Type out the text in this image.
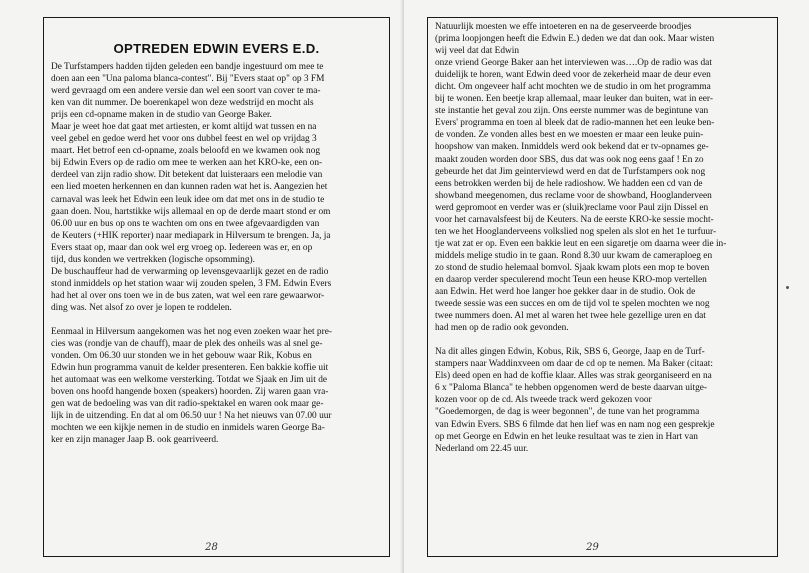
OPTREDEN EDWIN EVERS E.D.

De Turfstampers hadden tijden geleden een bandje ingestuurd om mee te
doen aan een "Una paloma blanca-contest". Bij "Evers staat op" op 3 FM
werd gevraagd om een andere versie dan wel een soort van cover te ma-
ken van dit nummer. De boerenkapel won deze wedstrijd en mocht als
prijs een cd-opname maken in de studio van George Baker.
Maar je weet hoe dat gaat met artiesten, er komt altijd wat tussen en na
veel gebel en gedoe werd het voor ons dubbel feest en wel op vrijdag 3
maart. Het betrof een cd-opname, zoals beloofd en we kwamen ook nog
bij Edwin Evers op de radio om mee te werken aan het KRO-ke, een on-
derdeel van zijn radio show. Dit betekent dat luisteraars een melodie van
een lied moeten herkennen en dan kunnen raden wat het is. Aangezien het
carnaval was leek het Edwin een leuk idee om dat met ons in de studio te
gaan doen. Nou, hartstikke wijs allemaal en op de derde maart stond er om
06.00 uur en bus op ons te wachten om ons en twee afgevaardigden van
de Keuters (+HIK reporter) naar mediapark in Hilversum te brengen. Ja, ja
Evers staat op, maar dan ook wel erg vroeg op. Iedereen was er, en op
tijd, dus konden we vertrekken (logische opsomming).
De buschauffeur had de verwarming op levensgevaarlijk gezet en de radio
stond inmiddels op het station waar wij zouden spelen, 3 FM. Edwin Evers
had het al over ons toen we in de bus zaten, wat wel een rare gewaarwor-
ding was. Net alsof zo over je lopen te roddelen.

Eenmaal in Hilversum aangekomen was het nog even zoeken waar het pre-
cies was (rondje van de chauff), maar de plek des onheils was al snel ge-
vonden. Om 06.30 uur stonden we in het gebouw waar Rik, Kobus en
Edwin hun programma vanuit de kelder presenteren. Een bakkie koffie uit
het automaat was een welkome versterking. Totdat we Sjaak en Jim uit de
boven ons hoofd hangende boxen (speakers) hoorden. Zij waren gaan vra-
gen wat de bedoeling was van dit radio-spektakel en waren ook maar ge-
lijk in de uitzending. En dat al om 06.50 uur ! Na het nieuws van 07.00 uur
mochten we een kijkje nemen in de studio en inmidels waren George Ba-
ker en zijn manager Jaap B. ook gearriveerd.

28

Natuurlijk moesten we effe intoeteren en na de geserveerde broodjes
(prima loopjongen heeft die Edwin E.) deden we dat dan ook. Maar wisten
wij veel dat dat Edwin
onze vriend George Baker aan het interviewen was….Op de radio was dat
duidelijk te horen, want Edwin deed voor de zekerheid maar de deur even
dicht. Om ongeveer half acht mochten we de studio in om het programma
bij te wonen. Een beetje krap allemaal, maar leuker dan buiten, wat in eer-
ste instantie het geval zou zijn. Ons eerste nummer was de begintune van
Evers' programma en toen al bleek dat de radio-mannen het een leuke ben-
de vonden. Ze vonden alles best en we moesten er maar een leuke puin-
hoopshow van maken. Inmiddels werd ook bekend dat er tv-opnames ge-
maakt zouden worden door SBS, dus dat was ook nog eens gaaf ! En zo
gebeurde het dat Jim geinterviewd werd en dat de Turfstampers ook nog
eens betrokken werden bij de hele radioshow. We hadden een cd van de
showband meegenomen, dus reclame voor de showband, Hooglanderveen
werd gepromoot en verder was er (sluik)reclame voor Paul zijn Dissel en
voor het carnavalsfeest bij de Keuters. Na de eerste KRO-ke sessie mocht-
ten we het Hooglanderveens volkslied nog spelen als slot en het 1e turfuur-
tje wat zat er op. Even een bakkie leut en een sigaretje om daarna weer die in-
middels melige studio in te gaan. Rond 8.30 uur kwam de cameraploeg en
zo stond de studio helemaal bomvol. Sjaak kwam plots een mop te boven
en daarop verder speculerend mocht Teun een heuse KRO-mop vertellen
aan Edwin. Het werd hoe langer hoe gekker daar in de studio. Ook de
tweede sessie was een succes en om de tijd vol te spelen mochten we nog
twee nummers doen. Al met al waren het twee hele gezellige uren en dat
had men op de radio ook gevonden.

Na dit alles gingen Edwin, Kobus, Rik, SBS 6, George, Jaap en de Turf-
stampers naar Waddinxveen om daar de cd op te nemen. Ma Baker (citaat:
Els) deed open en had de koffie klaar. Alles was strak georganiseerd en na
6 x "Paloma Blanca" te hebben opgenomen werd de beste daarvan uitge-
kozen voor op de cd. Als tweede track werd gekozen voor
"Goedemorgen, de dag is weer begonnen", de tune van het programma
van Edwin Evers. SBS 6 filmde dat hen lief was en nam nog een gesprekje
op met George en Edwin en het leuke resultaat was te zien in Hart van
Nederland om 22.45 uur.

29
